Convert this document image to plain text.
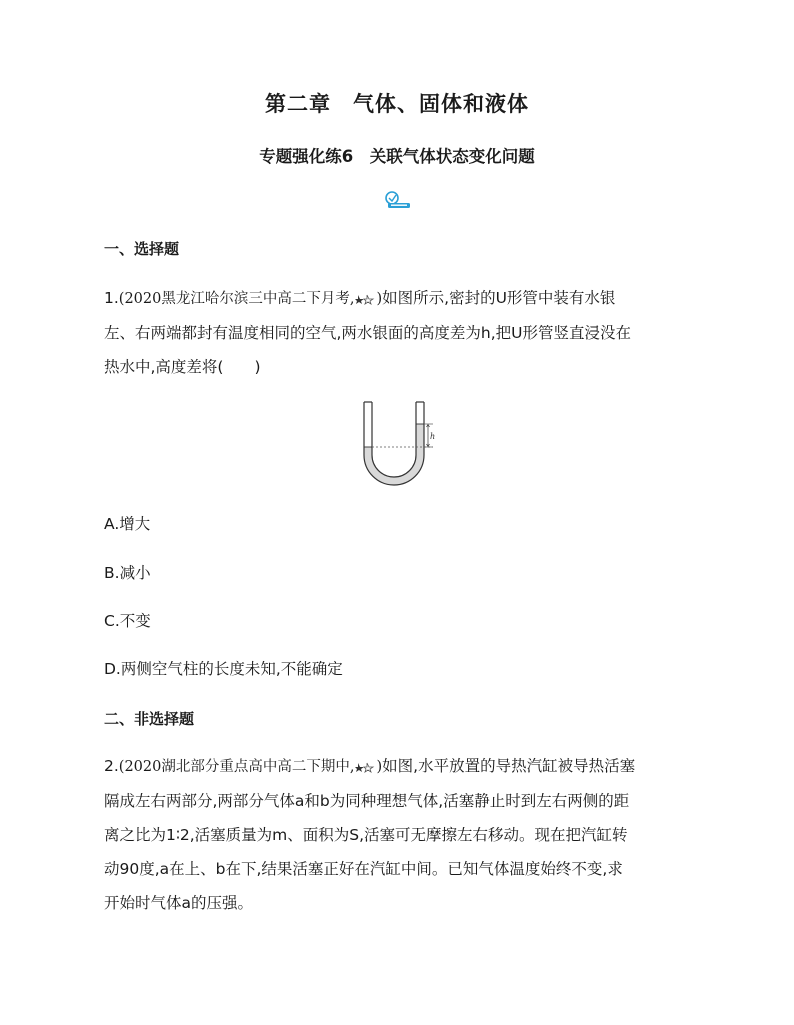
第二章　气体、固体和液体
专题强化练6　关联气体状态变化问题
一、选择题
1.(2020黑龙江哈尔滨三中高二下月考, )如图所示,密封的U形管中装有水银
左、右两端都封有温度相同的空气,两水银面的高度差为h,把U形管竖直浸没在
热水中,高度差将(　　)
h
A.增大
B.减小
C.不变
D.两侧空气柱的长度未知,不能确定
二、非选择题
2.(2020湖北部分重点高中高二下期中, )如图,水平放置的导热汽缸被导热活塞
隔成左右两部分,两部分气体a和b为同种理想气体,活塞静止时到左右两侧的距
离之比为1∶2,活塞质量为m、面积为S,活塞可无摩擦左右移动。现在把汽缸转
动90度,a在上、b在下,结果活塞正好在汽缸中间。已知气体温度始终不变,求
开始时气体a的压强。
